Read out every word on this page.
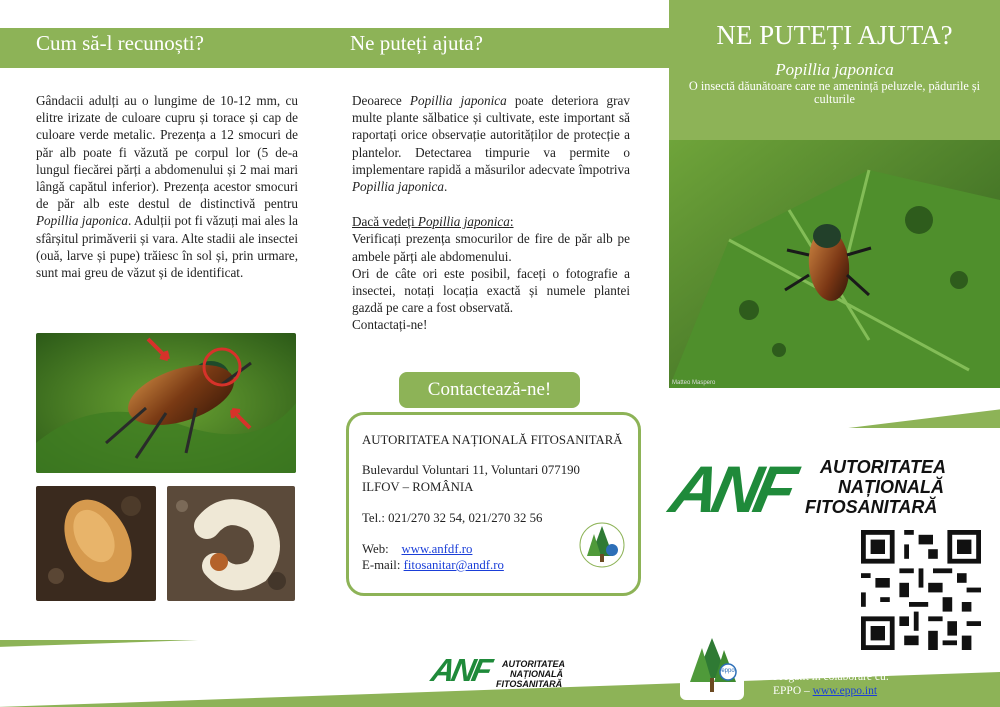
Cum să-l recunoști?

Gândacii adulți au o lungime de 10-12 mm, cu elitre irizate de culoare cupru și torace și cap de culoare verde metalic. Prezența a 12 smocuri de păr alb poate fi văzută pe corpul lor (5 de-a lungul fiecărei părți a abdomenului și 2 mai mari lângă capătul inferior). Prezența acestor smocuri de păr alb este destul de distinctivă pentru Popillia japonica. Adulții pot fi văzuți mai ales la sfârșitul primăverii și vara. Alte stadii ale insectei (ouă, larve și pupe) trăiesc în sol și, prin urmare, sunt mai greu de văzut și de identificat.

Ne puteți ajuta?

Deoarece Popillia japonica poate deteriora grav multe plante sălbatice și cultivate, este important să raportați orice observație autorităților de protecție a plantelor. Detectarea timpurie va permite o implementare rapidă a măsurilor adecvate împotriva Popillia japonica.

Dacă vedeți Popillia japonica:

Verificați prezența smocurilor de fire de păr alb pe ambele părți ale abdomenului.

Ori de câte ori este posibil, faceți o fotografie a insectei, notați locația exactă și numele plantei gazdă pe care a fost observată.

Contactați-ne!

Contactează-ne!
AUTORITATEA NAȚIONALĂ FITOSANITARĂ
Bulevardul Voluntari 11, Voluntari 077190
ILFOV – ROMÂNIA
Tel.: 021/270 32 54, 021/270 32 56
Web: www.anfdf.ro
E-mail: fitosanitar@andf.ro
NE PUTEȚI AJUTA?
Popillia japonica
O insectă dăunătoare care ne amenință peluzele, pădurile și culturile
Matteo Maspero
ANF AUTORITATEA
NAȚIONALĂ
FITOSANITARĂ
ANF AUTORITATEA
NAȚIONALĂ
FITOSANITARĂ
eppo	Pregătit în colaborare cu:
EPPO – www.eppo.int
